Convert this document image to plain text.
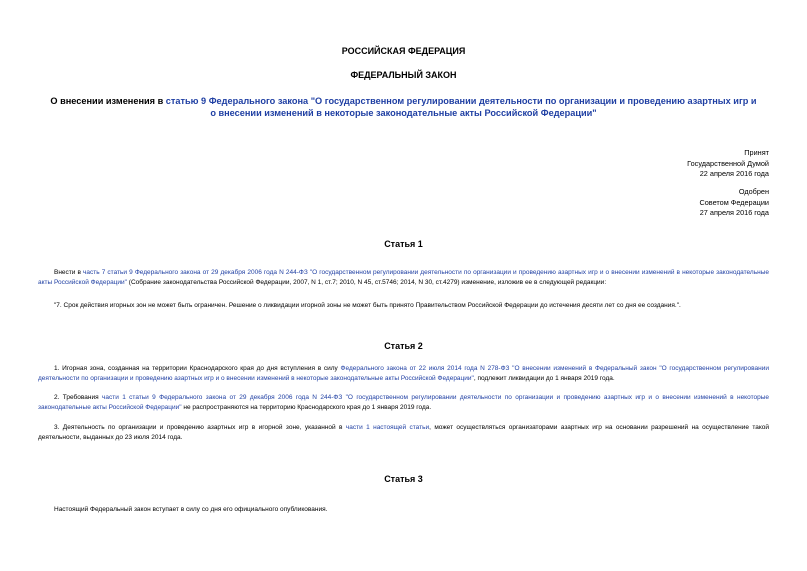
РОССИЙСКАЯ ФЕДЕРАЦИЯ
ФЕДЕРАЛЬНЫЙ ЗАКОН
О внесении изменения в статью 9 Федерального закона "О государственном регулировании деятельности по организации и проведению азартных игр и о внесении изменений в некоторые законодательные акты Российской Федерации"
Принят
Государственной Думой
22 апреля 2016 года
Одобрен
Советом Федерации
27 апреля 2016 года
Статья 1
Внести в часть 7 статьи 9 Федерального закона от 29 декабря 2006 года N 244-ФЗ "О государственном регулировании деятельности по организации и проведению азартных игр и о внесении изменений в некоторые законодательные акты Российской Федерации" (Собрание законодательства Российской Федерации, 2007, N 1, ст.7; 2010, N 45, ст.5746; 2014, N 30, ст.4279) изменение, изложив ее в следующей редакции:
"7. Срок действия игорных зон не может быть ограничен. Решение о ликвидации игорной зоны не может быть принято Правительством Российской Федерации до истечения десяти лет со дня ее создания.".
Статья 2
1. Игорная зона, созданная на территории Краснодарского края до дня вступления в силу Федерального закона от 22 июля 2014 года N 278-ФЗ "О внесении изменений в Федеральный закон "О государственном регулировании деятельности по организации и проведению азартных игр и о внесении изменений в некоторые законодательные акты Российской Федерации", подлежит ликвидации до 1 января 2019 года.
2. Требования части 1 статьи 9 Федерального закона от 29 декабря 2006 года N 244-ФЗ "О государственном регулировании деятельности по организации и проведению азартных игр и о внесении изменений в некоторые законодательные акты Российской Федерации" не распространяются на территорию Краснодарского края до 1 января 2019 года.
3. Деятельность по организации и проведению азартных игр в игорной зоне, указанной в части 1 настоящей статьи, может осуществляться организаторами азартных игр на основании разрешений на осуществление такой деятельности, выданных до 23 июля 2014 года.
Статья 3
Настоящий Федеральный закон вступает в силу со дня его официального опубликования.
